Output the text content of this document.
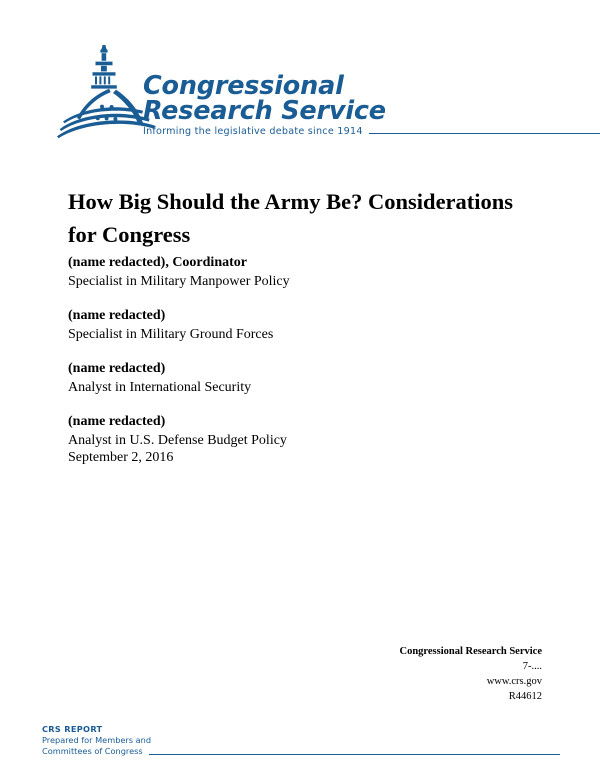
Congressional
Research Service
Informing the legislative debate since 1914
How Big Should the Army Be? Considerations for Congress
(name redacted), Coordinator
Specialist in Military Manpower Policy
(name redacted)
Specialist in Military Ground Forces
(name redacted)
Analyst in International Security
(name redacted)
Analyst in U.S. Defense Budget Policy
September 2, 2016
Congressional Research Service
7-....
www.crs.gov
R44612
CRS REPORT
Prepared for Members and
Committees of Congress
